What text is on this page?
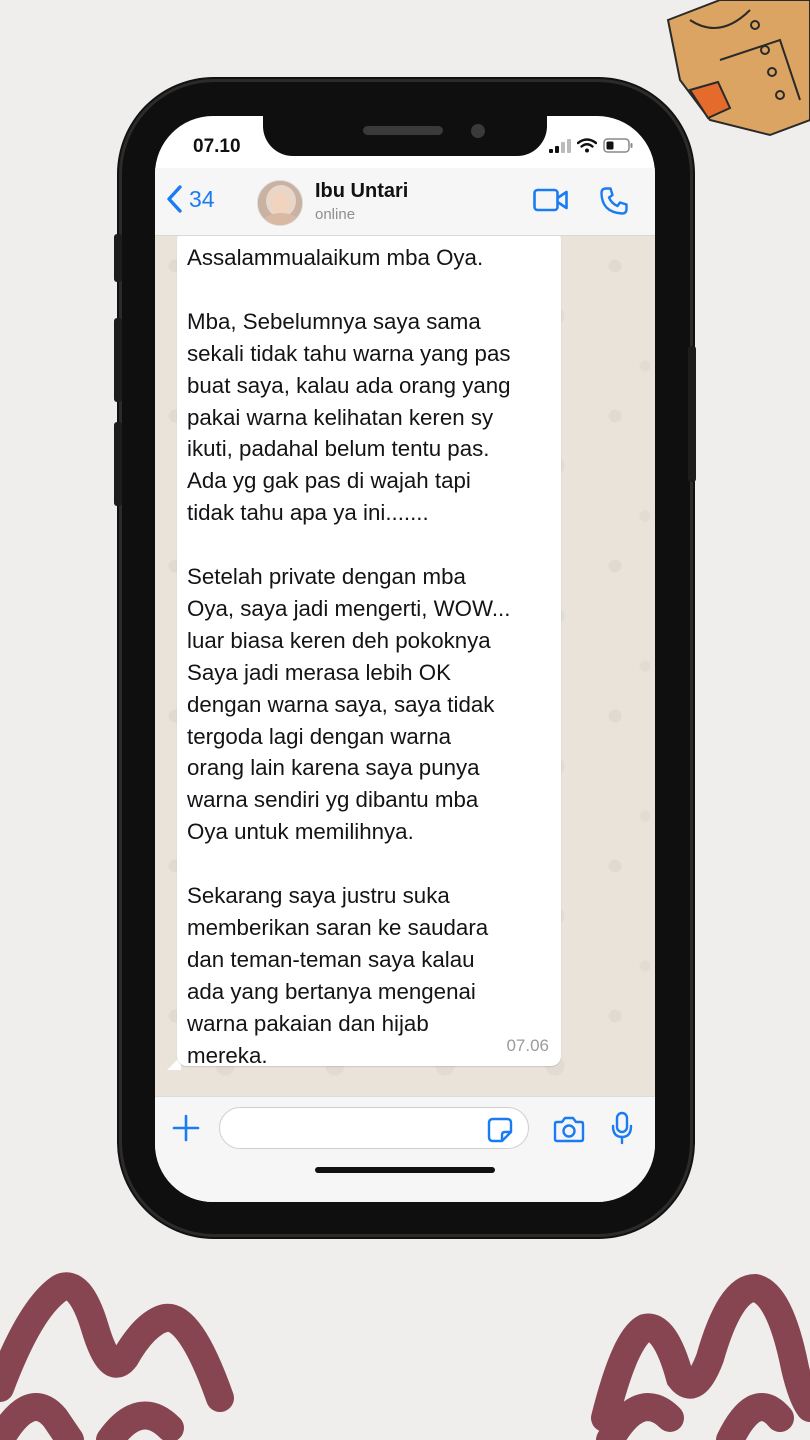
07.10
34	Ibu Untari
online

Assalammualaikum mba Oya.

Mba, Sebelumnya saya sama
sekali tidak tahu warna yang pas
buat saya, kalau ada orang yang
pakai warna kelihatan keren sy
ikuti, padahal belum tentu pas.
Ada yg gak pas di wajah tapi
tidak tahu apa ya ini.......

Setelah private dengan mba
Oya, saya jadi mengerti, WOW...
luar biasa keren deh pokoknya
Saya jadi merasa lebih OK
dengan warna saya, saya tidak
tergoda lagi dengan warna
orang lain karena saya punya
warna sendiri yg dibantu mba
Oya untuk memilihnya.

Sekarang saya justru suka
memberikan saran ke saudara
dan teman-teman saya kalau
ada yang bertanya mengenai
warna pakaian dan hijab
mereka.	07.06
